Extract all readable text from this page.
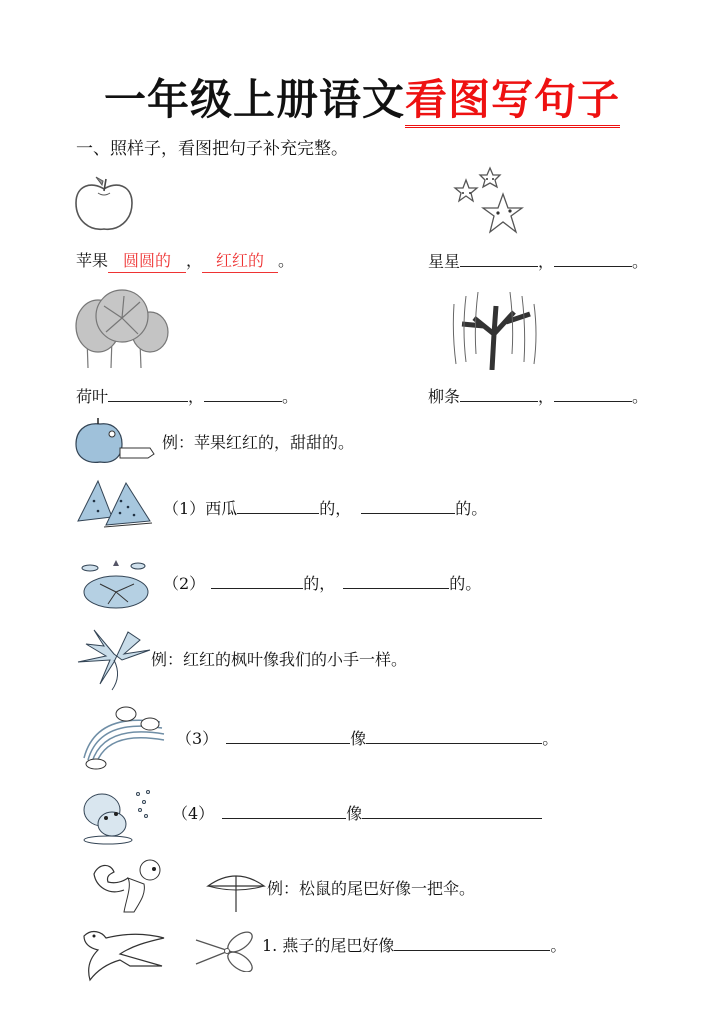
一年级上册语文看图写句子
一、照样子，看图把句子补充完整。
苹果 圆圆的 ， 红红的 。	星星	，	。
荷叶	，	。	柳条	，	。
例：苹果红红的，甜甜的。
（1）西瓜	的，	的。
（2）	的，	的。
例：红红的枫叶像我们的小手一样。
（3）	像	。
（4）	像
例：松鼠的尾巴好像一把伞。
1. 燕子的尾巴好像	。
